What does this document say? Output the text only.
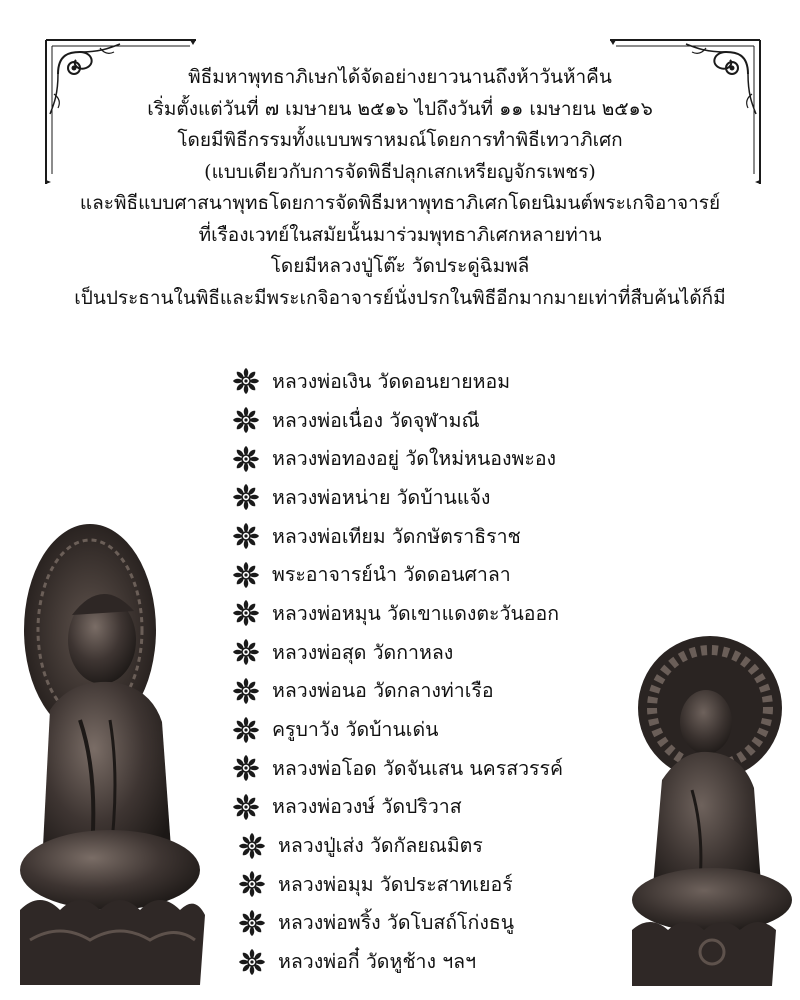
พิธีมหาพุทธาภิเษกได้จัดอย่างยาวนานถึงห้าวันห้าคืน
เริ่มตั้งแต่วันที่ ๗ เมษายน ๒๕๑๖ ไปถึงวันที่ ๑๑ เมษายน ๒๕๑๖
โดยมีพิธีกรรมทั้งแบบพราหมณ์โดยการทำพิธีเทวาภิเศก
(แบบเดียวกับการจัดพิธีปลุกเสกเหรียญจักรเพชร)
และพิธีแบบศาสนาพุทธโดยการจัดพิธีมหาพุทธาภิเศกโดยนิมนต์พระเกจิอาจารย์
ที่เรืองเวทย์ในสมัยนั้นมาร่วมพุทธาภิเศกหลายท่าน
โดยมีหลวงปู่โต๊ะ วัดประดู่ฉิมพลี
เป็นประธานในพิธีและมีพระเกจิอาจารย์นั่งปรกในพิธีอีกมากมายเท่าที่สืบค้นได้ก็มี
หลวงพ่อเงิน วัดดอนยายหอม
หลวงพ่อเนื่อง วัดจุฬามณี
หลวงพ่อทองอยู่ วัดใหม่หนองพะอง
หลวงพ่อหน่าย วัดบ้านแจ้ง
หลวงพ่อเทียม วัดกษัตราธิราช
พระอาจารย์นำ วัดดอนศาลา
หลวงพ่อหมุน วัดเขาแดงตะวันออก
หลวงพ่อสุด วัดกาหลง
หลวงพ่อนอ วัดกลางท่าเรือ
ครูบาวัง วัดบ้านเด่น
หลวงพ่อโอด วัดจันเสน นครสวรรค์
หลวงพ่อวงษ์ วัดปริวาส
หลวงปู่เส่ง วัดกัลยณมิตร
หลวงพ่อมุม วัดประสาทเยอร์
หลวงพ่อพริ้ง วัดโบสถ์โก่งธนู
หลวงพ่อกี๋ วัดหูช้าง ฯลฯ
